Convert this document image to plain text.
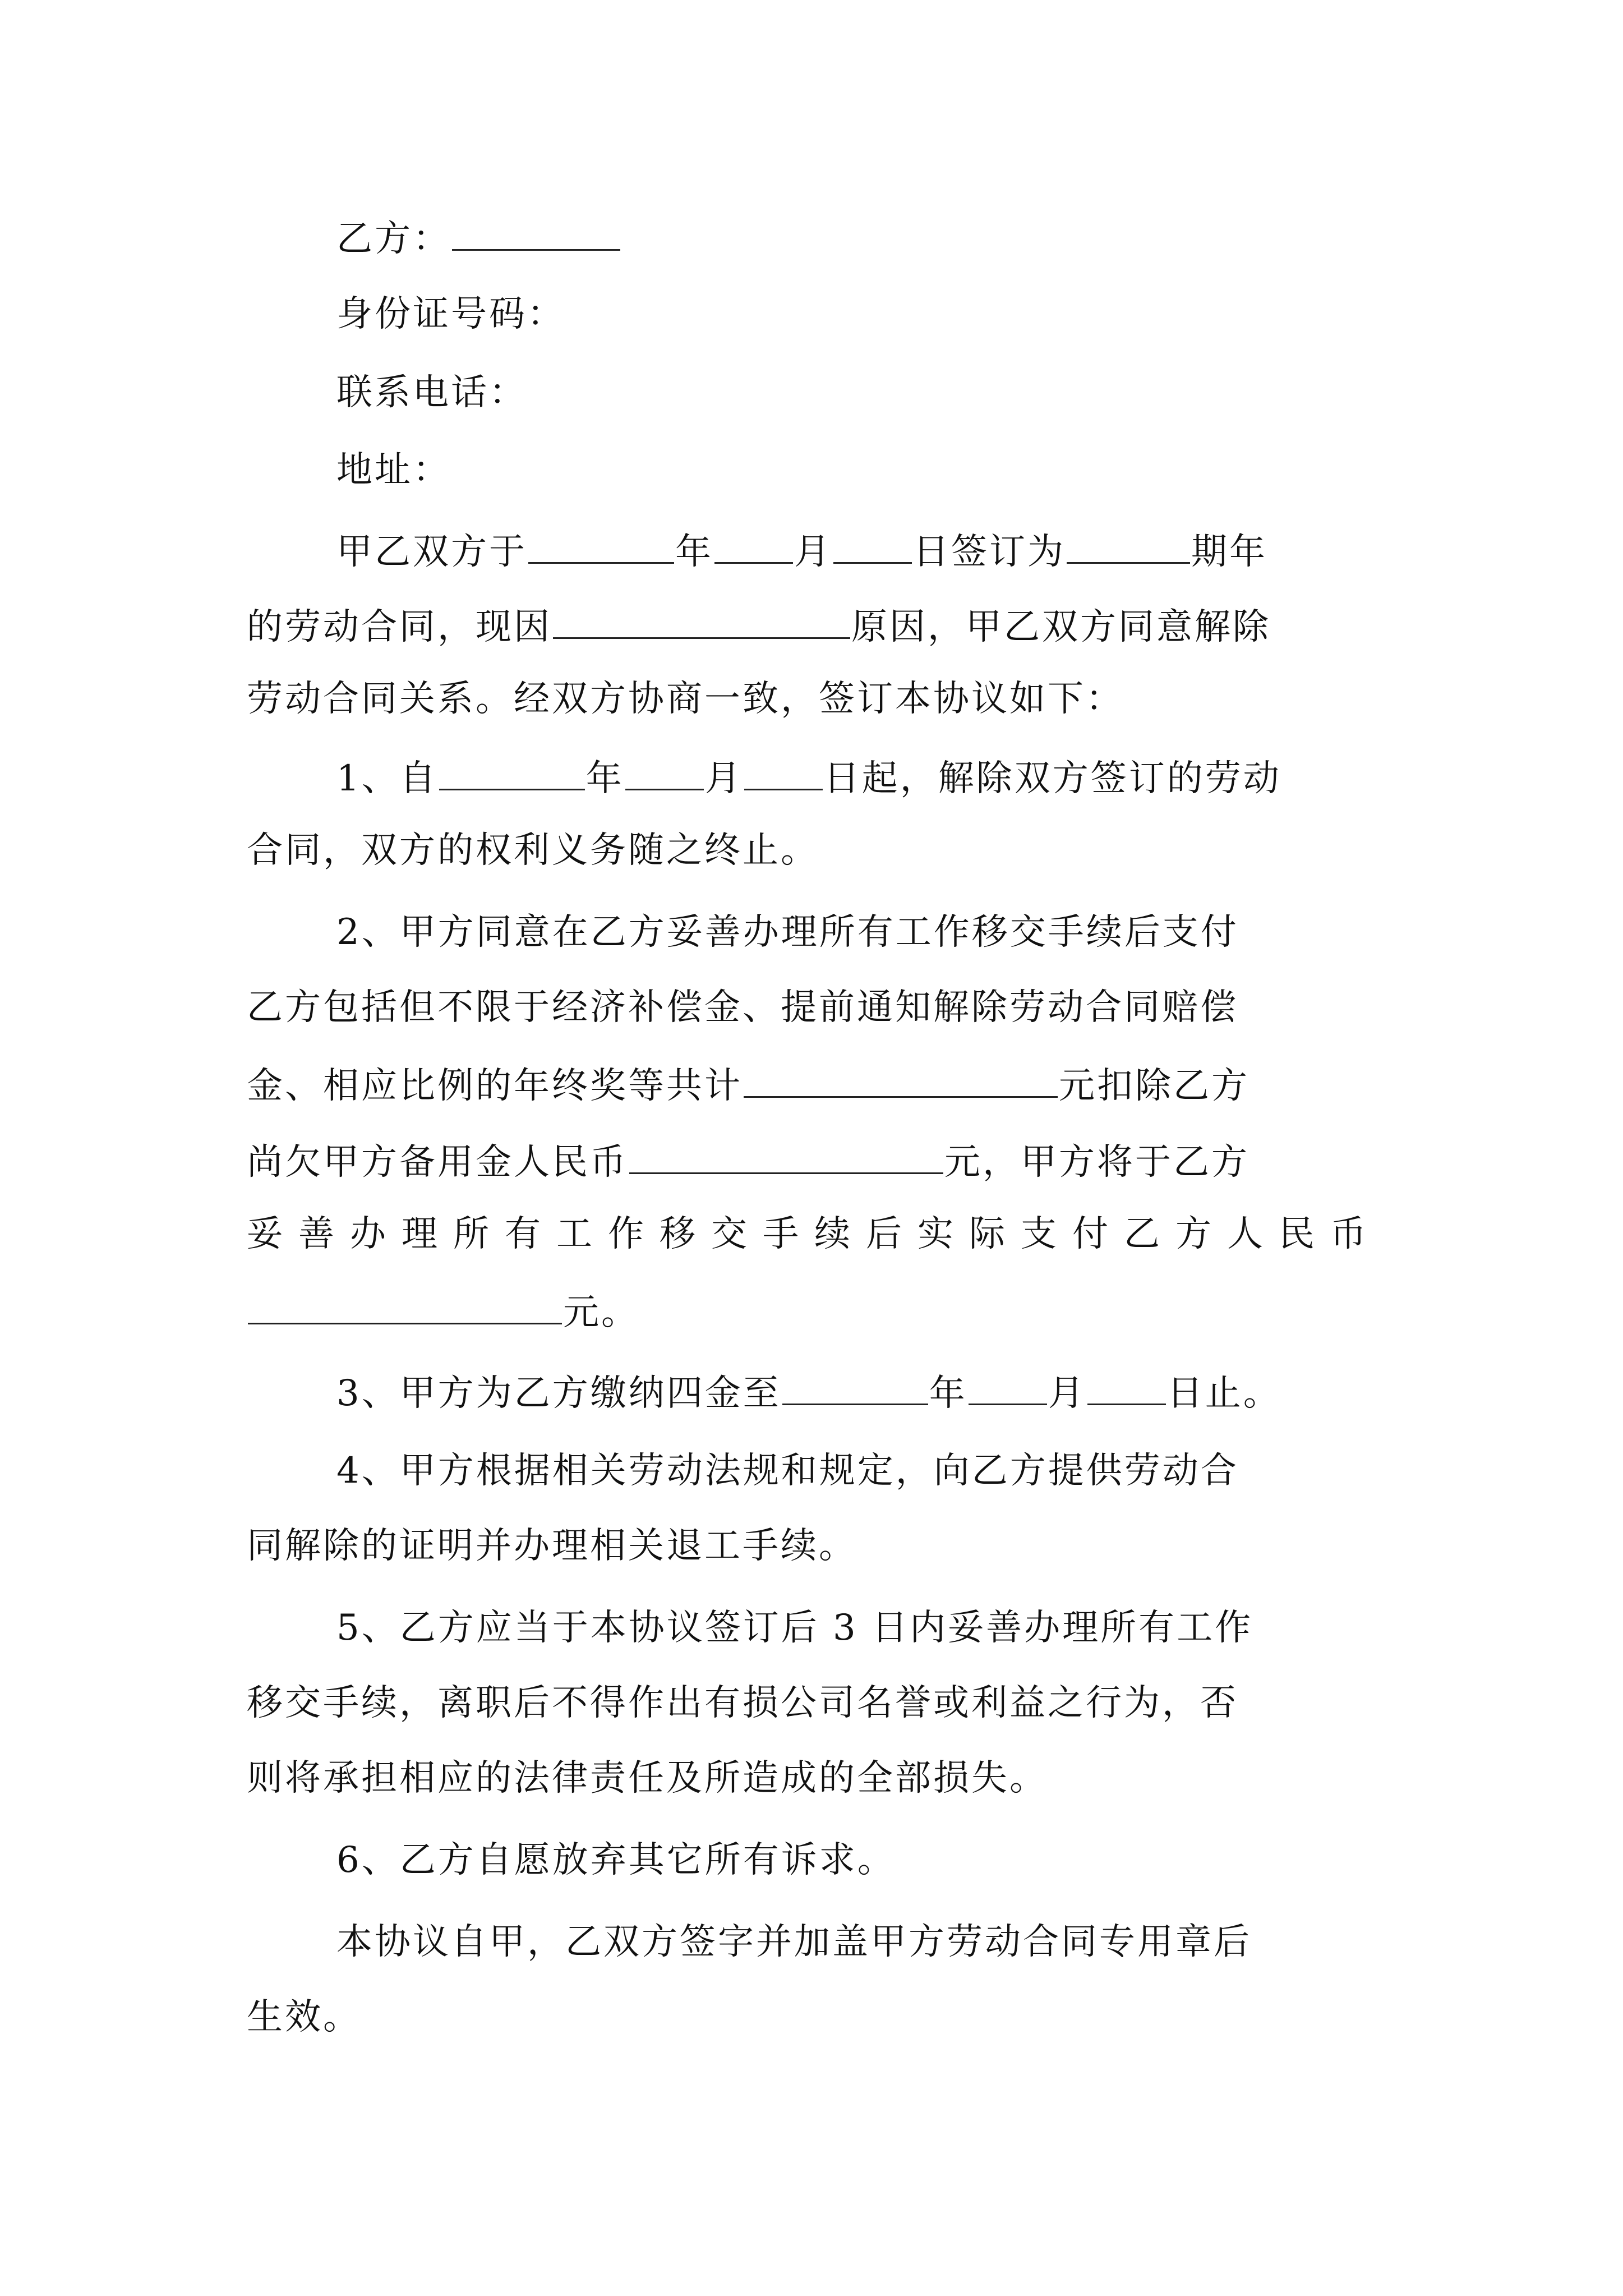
乙方：
身份证号码：
联系电话：
地址：
甲乙双方于	年 月 日签订为	期年
的劳动合同，现因	原因，甲乙双方同意解除
劳动合同关系。经双方协商一致，签订本协议如下：
1、自	年 月 日起，解除双方签订的劳动
合同，双方的权利义务随之终止。
2、甲方同意在乙方妥善办理所有工作移交手续后支付
乙方包括但不限于经济补偿金、提前通知解除劳动合同赔偿
金、相应比例的年终奖等共计	元扣除乙方
尚欠甲方备用金人民币	元，甲方将于乙方
妥善办理所有工作移交手续后实际支付乙方人民币
元。
3、甲方为乙方缴纳四金至	年 月 日止。
4、甲方根据相关劳动法规和规定，向乙方提供劳动合
同解除的证明并办理相关退工手续。
5、乙方应当于本协议签订后 3 日内妥善办理所有工作
移交手续，离职后不得作出有损公司名誉或利益之行为，否
则将承担相应的法律责任及所造成的全部损失。
6、乙方自愿放弃其它所有诉求。
本协议自甲，乙双方签字并加盖甲方劳动合同专用章后
生效。
